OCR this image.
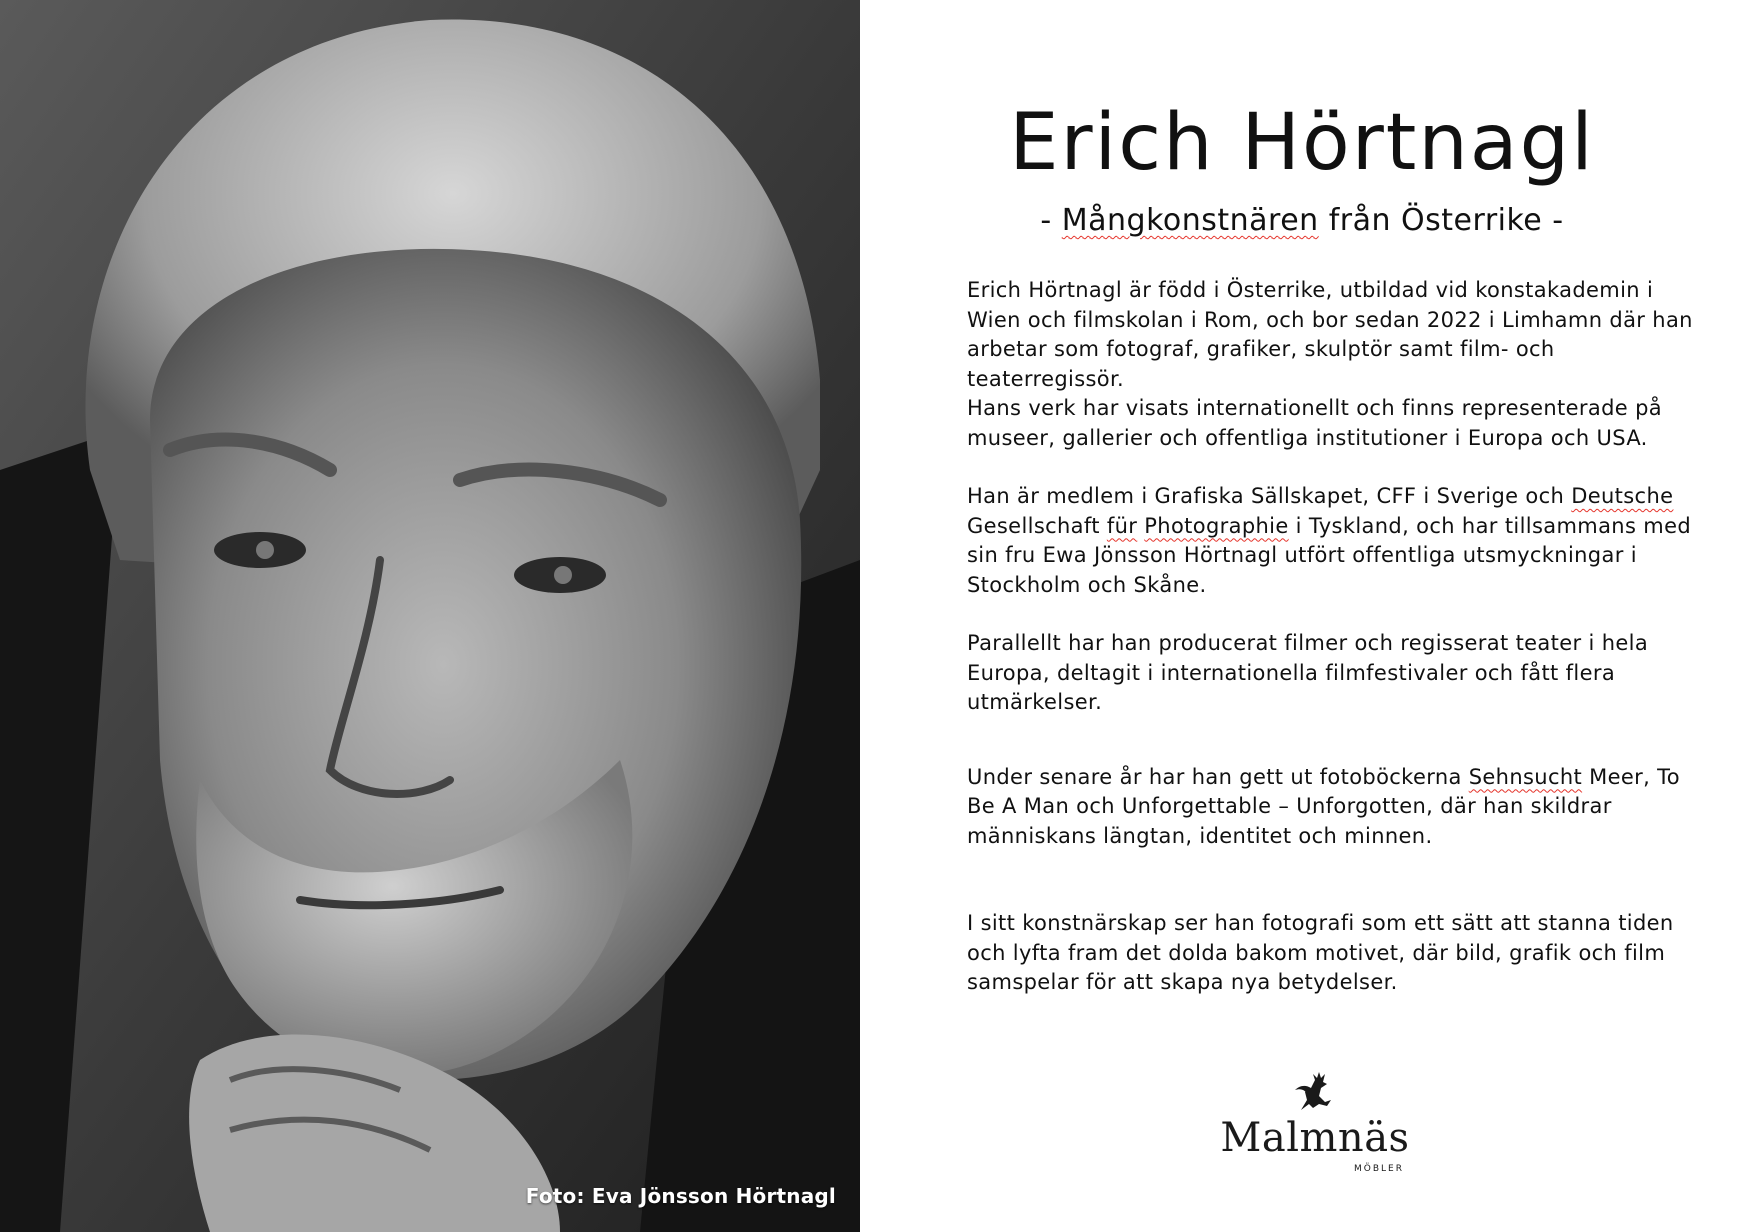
Foto: Eva Jönsson Hörtnagl
Erich Hörtnagl
- Mångkonstnären från Österrike -

Erich Hörtnagl är född i Österrike, utbildad vid konstakademin i Wien och filmskolan i Rom, och bor sedan 2022 i Limhamn där han arbetar som fotograf, grafiker, skulptör samt film- och teaterregissör.

Hans verk har visats internationellt och finns representerade på museer, gallerier och offentliga institutioner i Europa och USA.

Han är medlem i Grafiska Sällskapet, CFF i Sverige och Deutsche Gesellschaft für Photographie i Tyskland, och har tillsammans med sin fru Ewa Jönsson Hörtnagl utfört offentliga utsmyckningar i Stockholm och Skåne.

Parallellt har han producerat filmer och regisserat teater i hela Europa, deltagit i internationella filmfestivaler och fått flera utmärkelser.

Under senare år har han gett ut fotoböckerna Sehnsucht Meer, To Be A Man och Unforgettable – Unforgotten, där han skildrar människans längtan, identitet och minnen.

I sitt konstnärskap ser han fotografi som ett sätt att stanna tiden och lyfta fram det dolda bakom motivet, där bild, grafik och film samspelar för att skapa nya betydelser.

Malmnäs
MÖBLER
